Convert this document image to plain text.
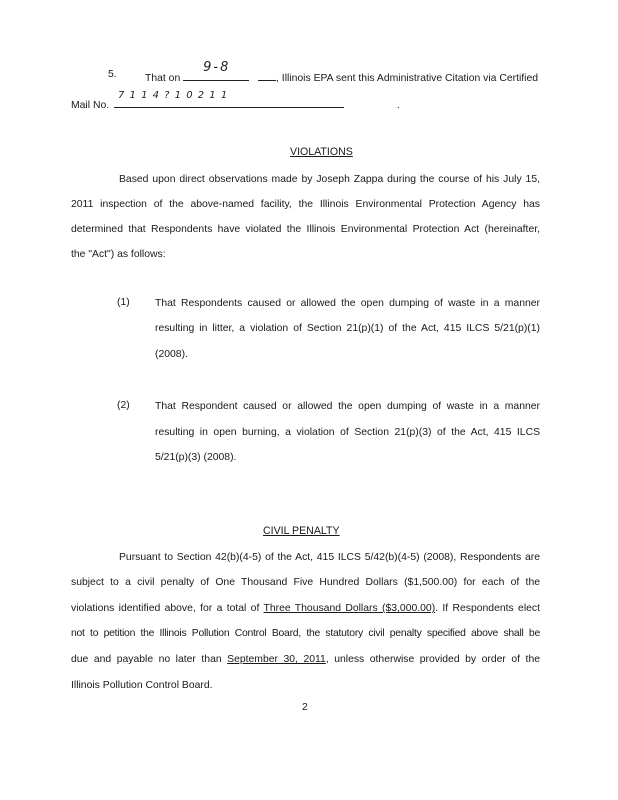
5.	That on
9-8
, Illinois EPA sent this Administrative Citation via Certified
Mail No.
7 1 1 4 ? 1 0 2 1 1
.
VIOLATIONS
Based upon direct observations made by Joseph Zappa during the course of his July 15,
2011 inspection of the above-named facility, the Illinois Environmental Protection Agency has
determined that Respondents have violated the Illinois Environmental Protection Act (hereinafter,
the "Act") as follows:
(1) That Respondents caused or allowed the open dumping of waste in a manner
resulting in litter, a violation of Section 21(p)(1) of the Act, 415 ILCS 5/21(p)(1)
(2008).
(2) That Respondent caused or allowed the open dumping of waste in a manner
resulting in open burning, a violation of Section 21(p)(3) of the Act, 415 ILCS
5/21(p)(3) (2008).
CIVIL PENALTY
Pursuant to Section 42(b)(4-5) of the Act, 415 ILCS 5/42(b)(4-5) (2008), Respondents are
subject to a civil penalty of One Thousand Five Hundred Dollars ($1,500.00) for each of the
violations identified above, for a total of Three Thousand Dollars ($3,000.00). If Respondents elect
not to petition the Illinois Pollution Control Board, the statutory civil penalty specified above shall be
due and payable no later than September 30, 2011, unless otherwise provided by order of the
Illinois Pollution Control Board.
2
